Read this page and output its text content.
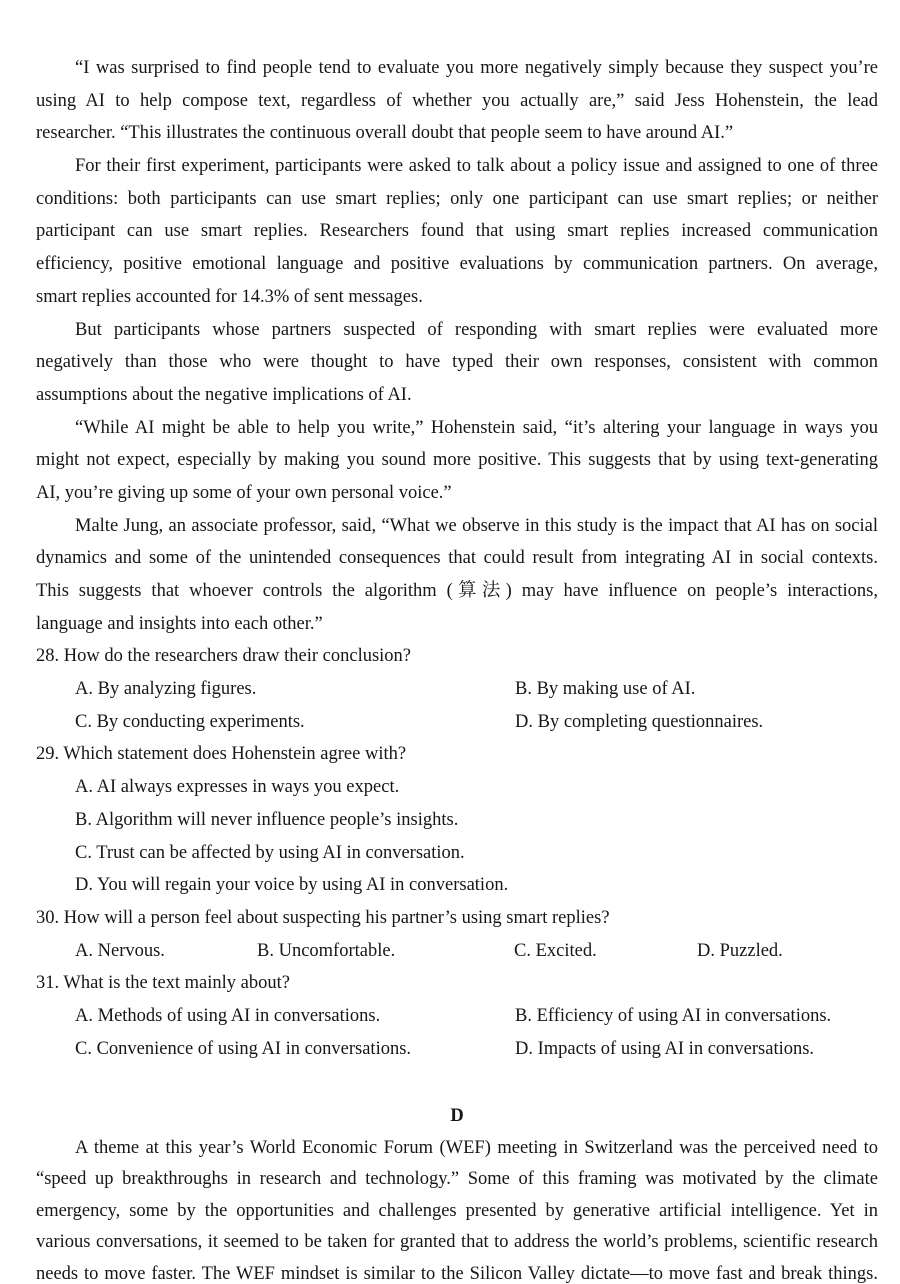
“I was surprised to find people tend to evaluate you more negatively simply because they suspect you’re
using AI to help compose text, regardless of whether you actually are,” said Jess Hohenstein, the lead
researcher. “This illustrates the continuous overall doubt that people seem to have around AI.”
For their first experiment, participants were asked to talk about a policy issue and assigned to one of three
conditions: both participants can use smart replies; only one participant can use smart replies; or neither
participant can use smart replies. Researchers found that using smart replies increased communication
efficiency, positive emotional language and positive evaluations by communication partners. On average,
smart replies accounted for 14.3% of sent messages.
But participants whose partners suspected of responding with smart replies were evaluated more
negatively than those who were thought to have typed their own responses, consistent with common
assumptions about the negative implications of AI.
“While AI might be able to help you write,” Hohenstein said, “it’s altering your language in ways you
might not expect, especially by making you sound more positive. This suggests that by using text-generating
AI, you’re giving up some of your own personal voice.”
Malte Jung, an associate professor, said, “What we observe in this study is the impact that AI has on social
dynamics and some of the unintended consequences that could result from integrating AI in social contexts.
This suggests that whoever controls the algorithm (算法) may have influence on people’s interactions,
language and insights into each other.”
28. How do the researchers draw their conclusion?
A. By analyzing figures.	B. By making use of AI.
C. By conducting experiments.	D. By completing questionnaires.
29. Which statement does Hohenstein agree with?
A. AI always expresses in ways you expect.
B. Algorithm will never influence people’s insights.
C. Trust can be affected by using AI in conversation.
D. You will regain your voice by using AI in conversation.
30. How will a person feel about suspecting his partner’s using smart replies?
A. Nervous.	B. Uncomfortable.	C. Excited.	D. Puzzled.
31. What is the text mainly about?
A. Methods of using AI in conversations.	B. Efficiency of using AI in conversations.
C. Convenience of using AI in conversations.	D. Impacts of using AI in conversations.
D
A theme at this year’s World Economic Forum (WEF) meeting in Switzerland was the perceived need to
“speed up breakthroughs in research and technology.” Some of this framing was motivated by the climate
emergency, some by the opportunities and challenges presented by generative artificial intelligence. Yet in
various conversations, it seemed to be taken for granted that to address the world’s problems, scientific research
needs to move faster. The WEF mindset is similar to the Silicon Valley dictate—to move fast and break things.
